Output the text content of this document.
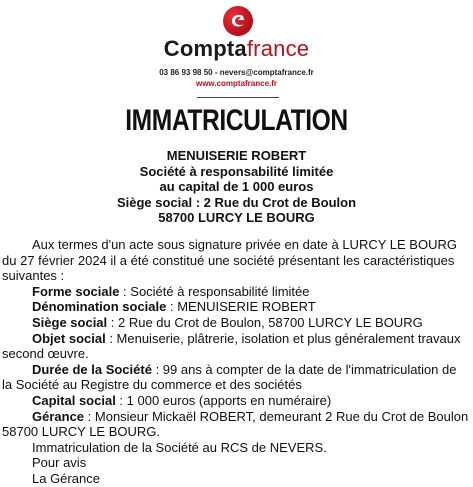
Comptafrance
03 86 93 98 50 - nevers@comptafrance.fr
www.comptafrance.fr
IMMATRICULATION
MENUISERIE ROBERT
Société à responsabilité limitée
au capital de 1 000 euros
Siège social : 2 Rue du Crot de Boulon
58700 LURCY LE BOURG

Aux termes d'un acte sous signature privée en date à LURCY LE BOURG du 27 février 2024 il a été constitué une société présentant les caractéristiques suivantes :

Forme sociale : Société à responsabilité limitée

Dénomination sociale : MENUISERIE ROBERT

Siège social : 2 Rue du Crot de Boulon, 58700 LURCY LE BOURG

Objet social : Menuiserie, plâtrerie, isolation et plus généralement travaux second œuvre.

Durée de la Société : 99 ans à compter de la date de l'immatriculation de la Société au Registre du commerce et des sociétés

Capital social : 1 000 euros (apports en numéraire)

Gérance : Monsieur Mickaël ROBERT, demeurant 2 Rue du Crot de Boulon 58700 LURCY LE BOURG.

Immatriculation de la Société au RCS de NEVERS.

Pour avis

La Gérance
